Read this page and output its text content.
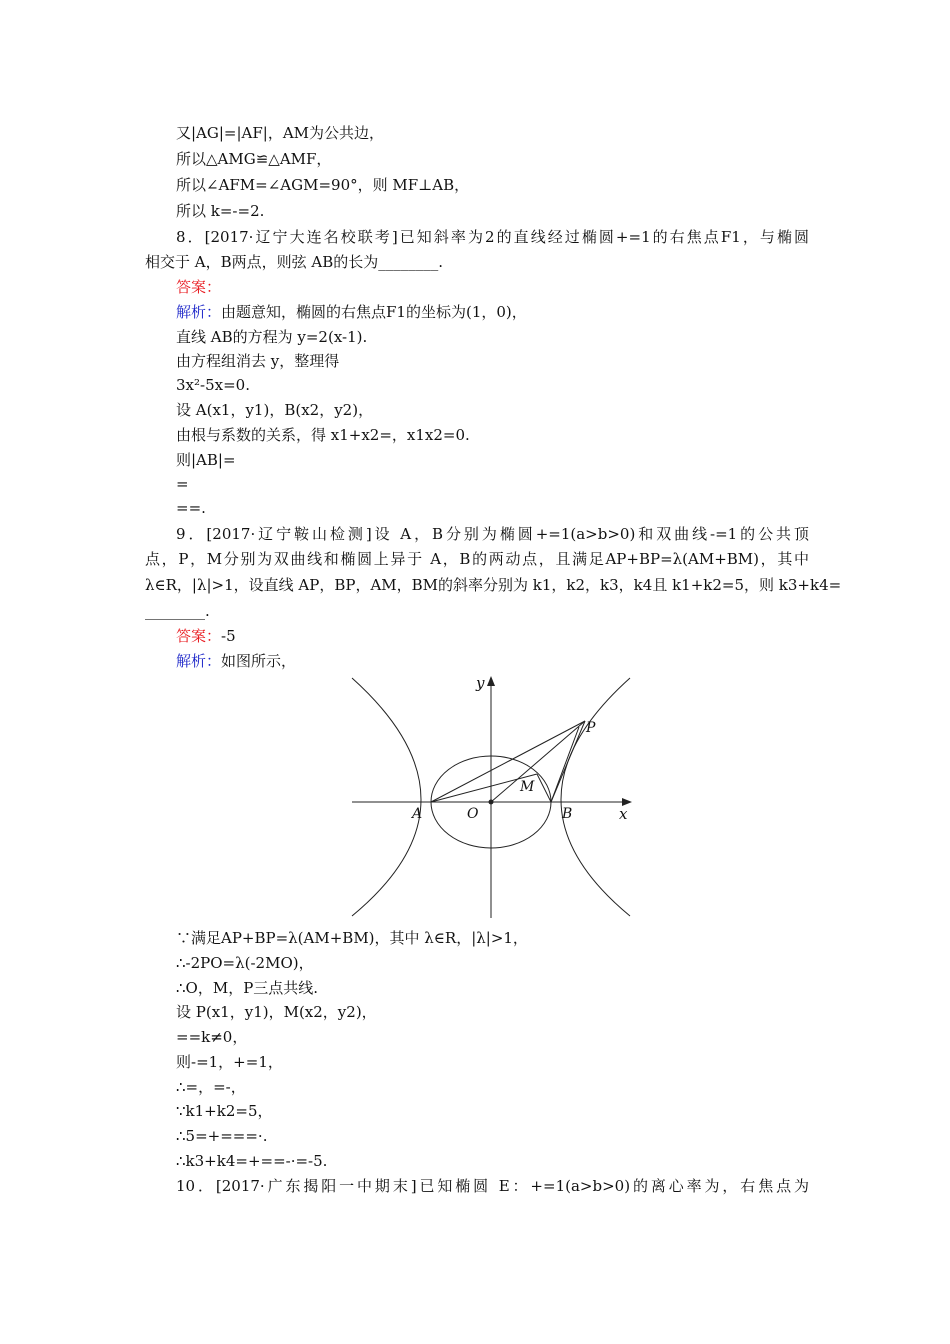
又|AG|=|AF|，AM为公共边，
所以△AMG≌△AMF，
所以∠AFM=∠AGM=90°，则 MF⊥AB，
所以 k=-=2.
8．[2017·辽宁大连名校联考]已知斜率为2的直线经过椭圆+=1的右焦点F1，与椭圆
相交于 A，B两点，则弦 AB的长为________.
答案：
解析：由题意知，椭圆的右焦点F1的坐标为(1，0)，
直线 AB的方程为 y=2(x-1).
由方程组消去 y，整理得
3x²-5x=0.
设 A(x1，y1)，B(x2，y2)，
由根与系数的关系，得 x1+x2=，x1x2=0.
则|AB|=
=
==.
9．[2017·辽宁鞍山检测]设 A，B分别为椭圆+=1(a>b>0)和双曲线-=1的公共顶
点，P，M分别为双曲线和椭圆上异于 A，B的两动点，且满足AP+BP=λ(AM+BM)，其中
λ∈R，|λ|>1，设直线 AP，BP，AM，BM的斜率分别为 k1，k2，k3，k4且 k1+k2=5，则 k3+k4=
________.
答案：-5
解析：如图所示，
y
x
A	O	B
M
P
∵满足AP+BP=λ(AM+BM)，其中 λ∈R，|λ|>1，
∴-2PO=λ(-2MO)，
∴O，M，P三点共线.
设 P(x1，y1)，M(x2，y2)，
==k≠0，
则-=1，+=1，
∴=，=-，
∵k1+k2=5，
∴5=+===·.
∴k3+k4=+==-·=-5.
10．[2017·广东揭阳一中期末]已知椭圆 E：+=1(a>b>0)的离心率为，右焦点为
